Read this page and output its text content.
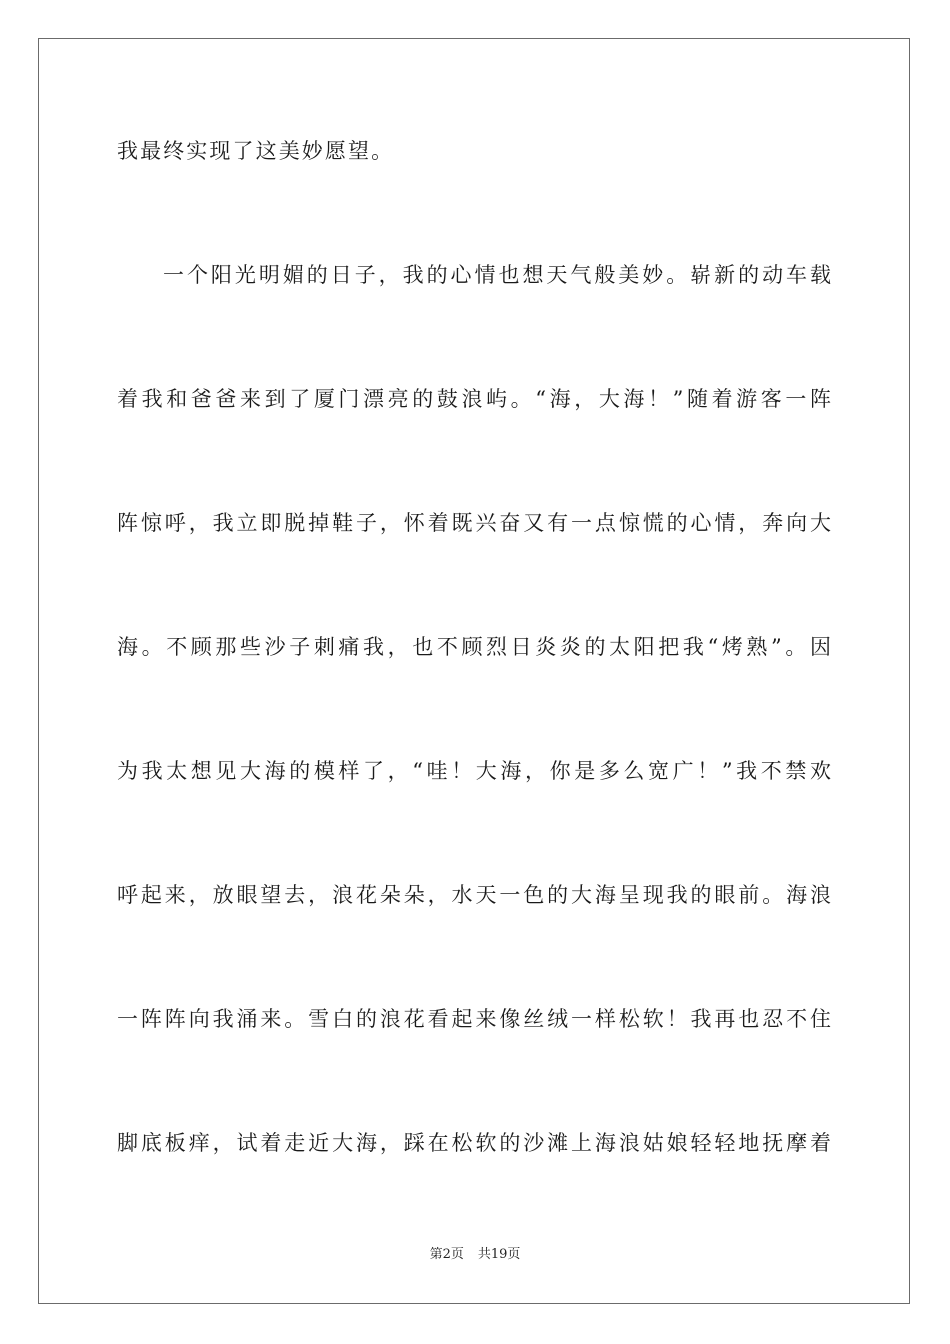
我最终实现了这美妙愿望。
一个阳光明媚的日子，我的心情也想天气般美妙。崭新的动车载
着我和爸爸来到了厦门漂亮的鼓浪屿。“海，大海！”随着游客一阵
阵惊呼，我立即脱掉鞋子，怀着既兴奋又有一点惊慌的心情，奔向大
海。不顾那些沙子刺痛我，也不顾烈日炎炎的太阳把我“烤熟”。因
为我太想见大海的模样了，“哇！大海，你是多么宽广！”我不禁欢
呼起来，放眼望去，浪花朵朵，水天一色的大海呈现我的眼前。海浪
一阵阵向我涌来。雪白的浪花看起来像丝绒一样松软！我再也忍不住
脚底板痒，试着走近大海，踩在松软的沙滩上海浪姑娘轻轻地抚摩着
第2页 共19页
